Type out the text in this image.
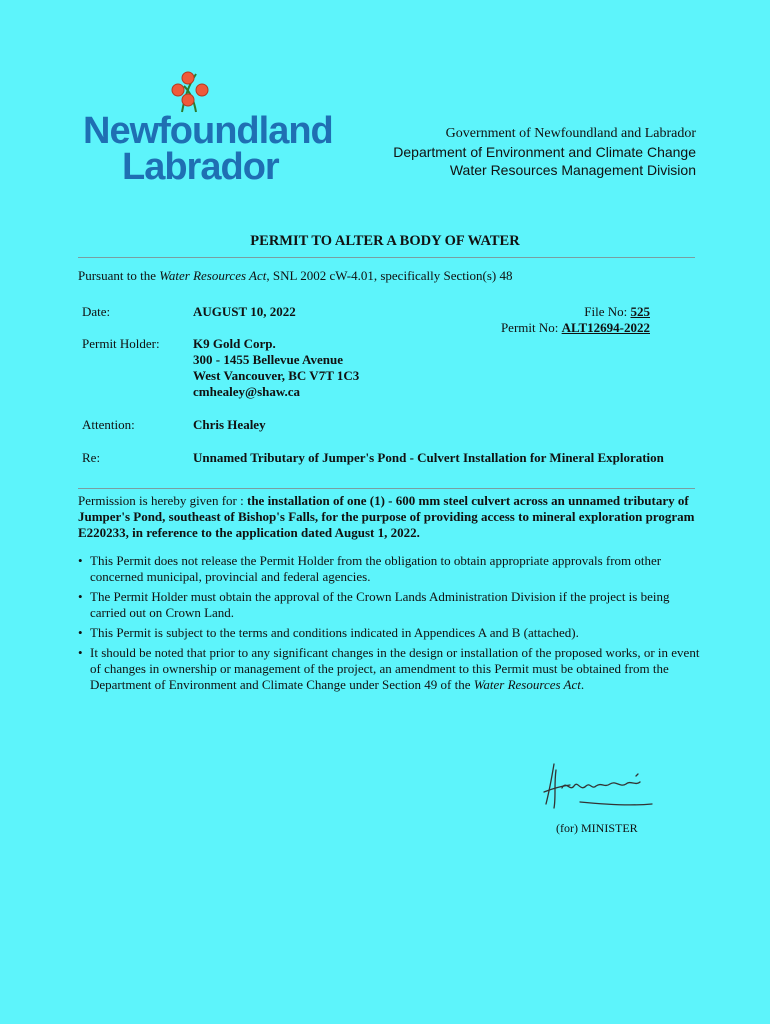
Newfoundland
Labrador
Government of Newfoundland and Labrador
Department of Environment and Climate Change
Water Resources Management Division
PERMIT TO ALTER A BODY OF WATER
Pursuant to the Water Resources Act, SNL 2002 cW-4.01, specifically Section(s) 48
Date:	AUGUST 10, 2022	File No: 525
Permit No: ALT12694-2022
Permit Holder:	K9 Gold Corp.
300 - 1455 Bellevue Avenue
West Vancouver, BC V7T 1C3
cmhealey@shaw.ca
Attention:	Chris Healey
Re:	Unnamed Tributary of Jumper's Pond - Culvert Installation for Mineral Exploration
Permission is hereby given for : the installation of one (1) - 600 mm steel culvert across an unnamed tributary of Jumper's Pond, southeast of Bishop's Falls, for the purpose of providing access to mineral exploration program E220233, in reference to the application dated August 1, 2022.
• This Permit does not release the Permit Holder from the obligation to obtain appropriate approvals from other concerned municipal, provincial and federal agencies.
• The Permit Holder must obtain the approval of the Crown Lands Administration Division if the project is being carried out on Crown Land.
• This Permit is subject to the terms and conditions indicated in Appendices A and B (attached).
• It should be noted that prior to any significant changes in the design or installation of the proposed works, or in event of changes in ownership or management of the project, an amendment to this Permit must be obtained from the Department of Environment and Climate Change under Section 49 of the Water Resources Act.
(for) MINISTER
